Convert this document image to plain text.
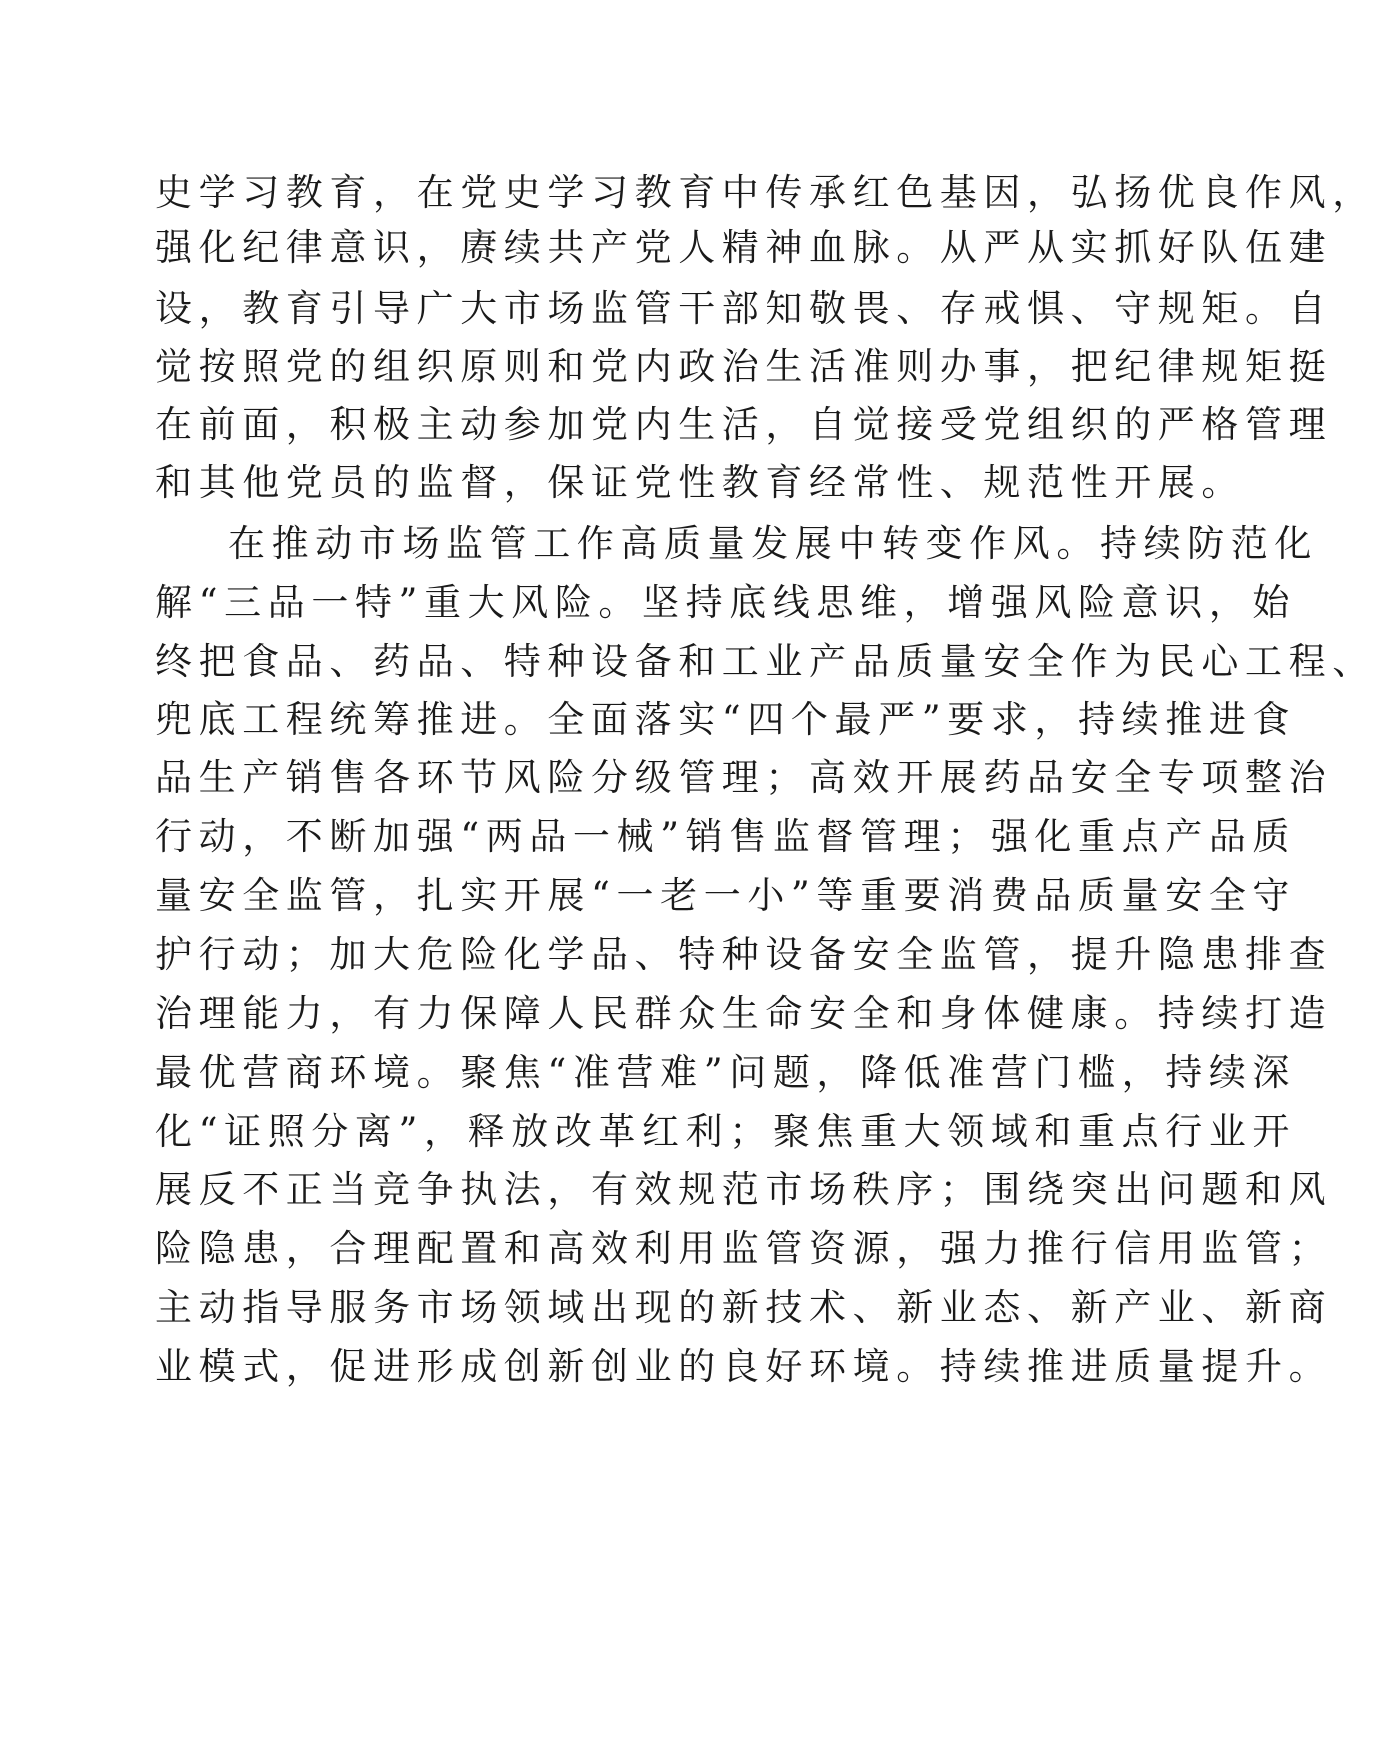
史学习教育，在党史学习教育中传承红色基因，弘扬优良作风，
强化纪律意识，赓续共产党人精神血脉。从严从实抓好队伍建
设，教育引导广大市场监管干部知敬畏、存戒惧、守规矩。自
觉按照党的组织原则和党内政治生活准则办事，把纪律规矩挺
在前面，积极主动参加党内生活，自觉接受党组织的严格管理
和其他党员的监督，保证党性教育经常性、规范性开展。
在推动市场监管工作高质量发展中转变作风。持续防范化
解“三品一特”重大风险。坚持底线思维，增强风险意识，始
终把食品、药品、特种设备和工业产品质量安全作为民心工程、
兜底工程统筹推进。全面落实“四个最严”要求，持续推进食
品生产销售各环节风险分级管理；高效开展药品安全专项整治
行动，不断加强“两品一械”销售监督管理；强化重点产品质
量安全监管，扎实开展“一老一小”等重要消费品质量安全守
护行动；加大危险化学品、特种设备安全监管，提升隐患排查
治理能力，有力保障人民群众生命安全和身体健康。持续打造
最优营商环境。聚焦“准营难”问题，降低准营门槛，持续深
化“证照分离”，释放改革红利；聚焦重大领域和重点行业开
展反不正当竞争执法，有效规范市场秩序；围绕突出问题和风
险隐患，合理配置和高效利用监管资源，强力推行信用监管；
主动指导服务市场领域出现的新技术、新业态、新产业、新商
业模式，促进形成创新创业的良好环境。持续推进质量提升。
